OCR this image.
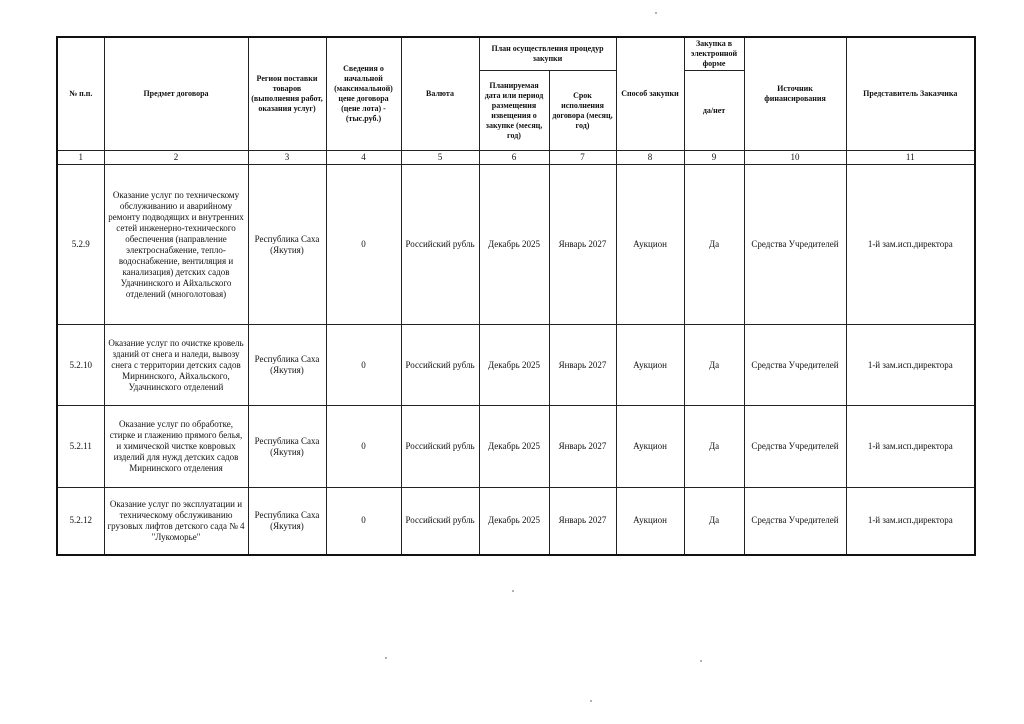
№ п.п.	Предмет договора	Регион поставки товаров (выполнения работ, оказания услуг)	Сведения о начальной (максимальной) цене договора (цене лота) - (тыс.руб.)	Валюта	План осуществления процедур закупки		Способ закупки	Закупка в электронной форме	Источник финансирования	Представитель Заказчика
					Планируемая дата или период размещения извещения о закупке (месяц, год)	Срок исполнения договора (месяц, год)		да/нет		
1	2	3	4	5	6	7	8	9	10	11
5.2.9	Оказание услуг по техническому обслуживанию и аварийному ремонту подводящих и внутренних сетей инженерно-технического обеспечения (направление электроснабжение, тепло-водоснабжение, вентиляция и канализация) детских садов Удачнинского и Айхальского отделений (многолотовая)	Республика Саха (Якутия)	0	Российский рубль	Декабрь 2025	Январь 2027	Аукцион	Да	Средства Учредителей	1-й зам.исп.директора
5.2.10	Оказание услуг по очистке кровель зданий от снега и наледи, вывозу снега с территории детских садов Мирнинского, Айхальского, Удачнинского отделений	Республика Саха (Якутия)	0	Российский рубль	Декабрь 2025	Январь 2027	Аукцион	Да	Средства Учредителей	1-й зам.исп.директора
5.2.11	Оказание услуг по обработке, стирке и глажению прямого белья, и химической чистке ковровых изделий для нужд детских садов Мирнинского отделения	Республика Саха (Якутия)	0	Российский рубль	Декабрь 2025	Январь 2027	Аукцион	Да	Средства Учредителей	1-й зам.исп.директора
5.2.12	Оказание услуг по эксплуатации и техническому обслуживанию грузовых лифтов детского сада № 4 "Лукоморье"	Республика Саха (Якутия)	0	Российский рубль	Декабрь 2025	Январь 2027	Аукцион	Да	Средства Учредителей	1-й зам.исп.директора
